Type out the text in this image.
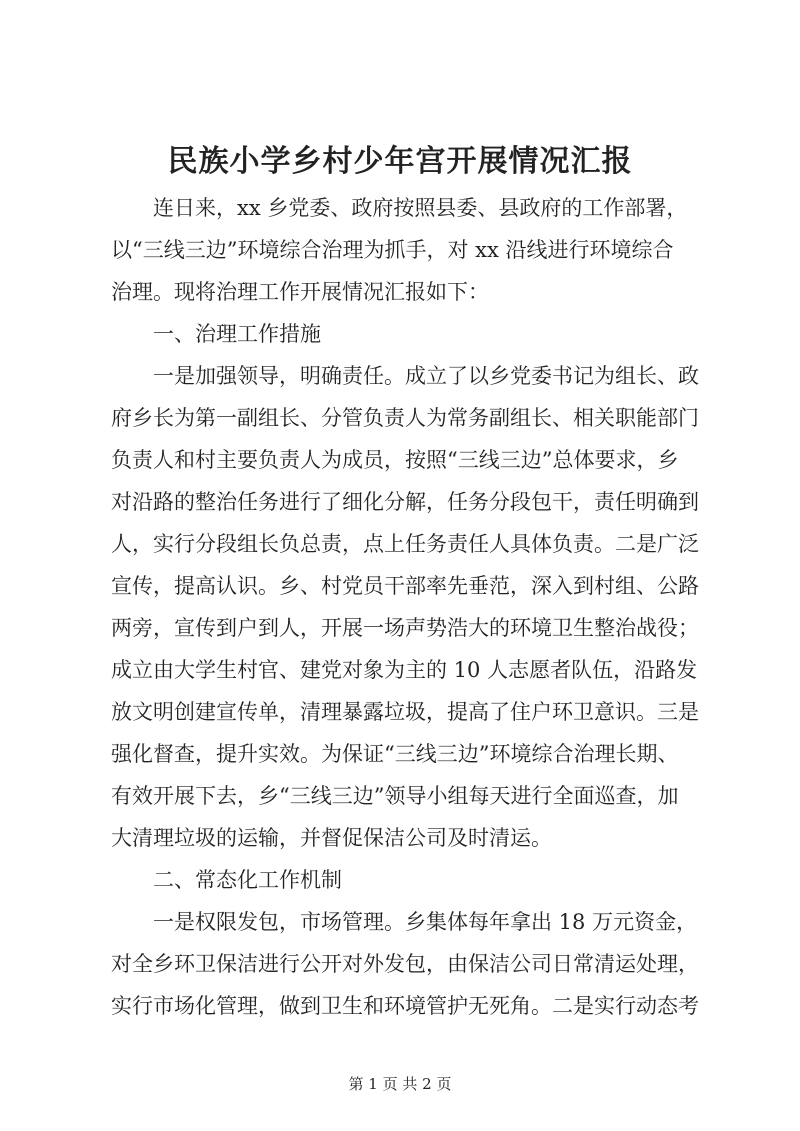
民族小学乡村少年宫开展情况汇报
　　连日来，xx 乡党委、政府按照县委、县政府的工作部署，
以“三线三边”环境综合治理为抓手，对 xx 沿线进行环境综合
治理。现将治理工作开展情况汇报如下：
　　一、治理工作措施
　　一是加强领导，明确责任。成立了以乡党委书记为组长、政
府乡长为第一副组长、分管负责人为常务副组长、相关职能部门
负责人和村主要负责人为成员，按照“三线三边”总体要求，乡
对沿路的整治任务进行了细化分解，任务分段包干，责任明确到
人，实行分段组长负总责，点上任务责任人具体负责。二是广泛
宣传，提高认识。乡、村党员干部率先垂范，深入到村组、公路
两旁，宣传到户到人，开展一场声势浩大的环境卫生整治战役；
成立由大学生村官、建党对象为主的 10 人志愿者队伍，沿路发
放文明创建宣传单，清理暴露垃圾，提高了住户环卫意识。三是
强化督查，提升实效。为保证“三线三边”环境综合治理长期、
有效开展下去，乡“三线三边”领导小组每天进行全面巡查，加
大清理垃圾的运输，并督促保洁公司及时清运。
　　二、常态化工作机制
　　一是权限发包，市场管理。乡集体每年拿出 18 万元资金，
对全乡环卫保洁进行公开对外发包，由保洁公司日常清运处理，
实行市场化管理，做到卫生和环境管护无死角。二是实行动态考
第 1 页 共 2 页
